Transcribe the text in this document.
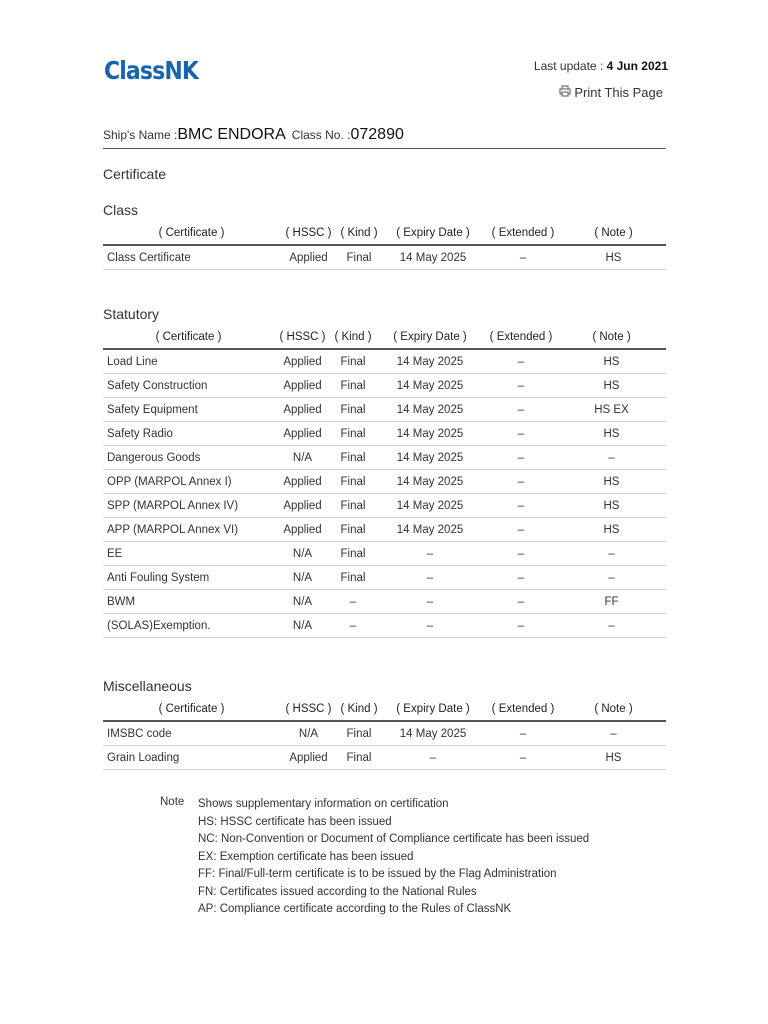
ClassNK	Last update : 4 Jun 2021
Print This Page
Ship's Name : BMC ENDORA Class No. : 072890
Certificate
Class
( Certificate )	( HSSC )	( Kind )	( Expiry Date )	( Extended )	( Note )
Class Certificate	Applied	Final	14 May 2025	–	HS
Statutory
( Certificate )	( HSSC )	( Kind )	( Expiry Date )	( Extended )	( Note )
Load Line	Applied	Final	14 May 2025	–	HS
Safety Construction	Applied	Final	14 May 2025	–	HS
Safety Equipment	Applied	Final	14 May 2025	–	HS EX
Safety Radio	Applied	Final	14 May 2025	–	HS
Dangerous Goods	N/A	Final	14 May 2025	–	–
OPP (MARPOL Annex I)	Applied	Final	14 May 2025	–	HS
SPP (MARPOL Annex IV)	Applied	Final	14 May 2025	–	HS
APP (MARPOL Annex VI)	Applied	Final	14 May 2025	–	HS
EE	N/A	Final	–	–	–
Anti Fouling System	N/A	Final	–	–	–
BWM	N/A	–	–	–	FF
(SOLAS)Exemption.	N/A	–	–	–	–
Miscellaneous
( Certificate )	( HSSC )	( Kind )	( Expiry Date )	( Extended )	( Note )
IMSBC code	N/A	Final	14 May 2025	–	–
Grain Loading	Applied	Final	–	–	HS
Note	Shows supplementary information on certification
HS: HSSC certificate has been issued
NC: Non-Convention or Document of Compliance certificate has been issued
EX: Exemption certificate has been issued
FF: Final/Full-term certificate is to be issued by the Flag Administration
FN: Certificates issued according to the National Rules
AP: Compliance certificate according to the Rules of ClassNK
